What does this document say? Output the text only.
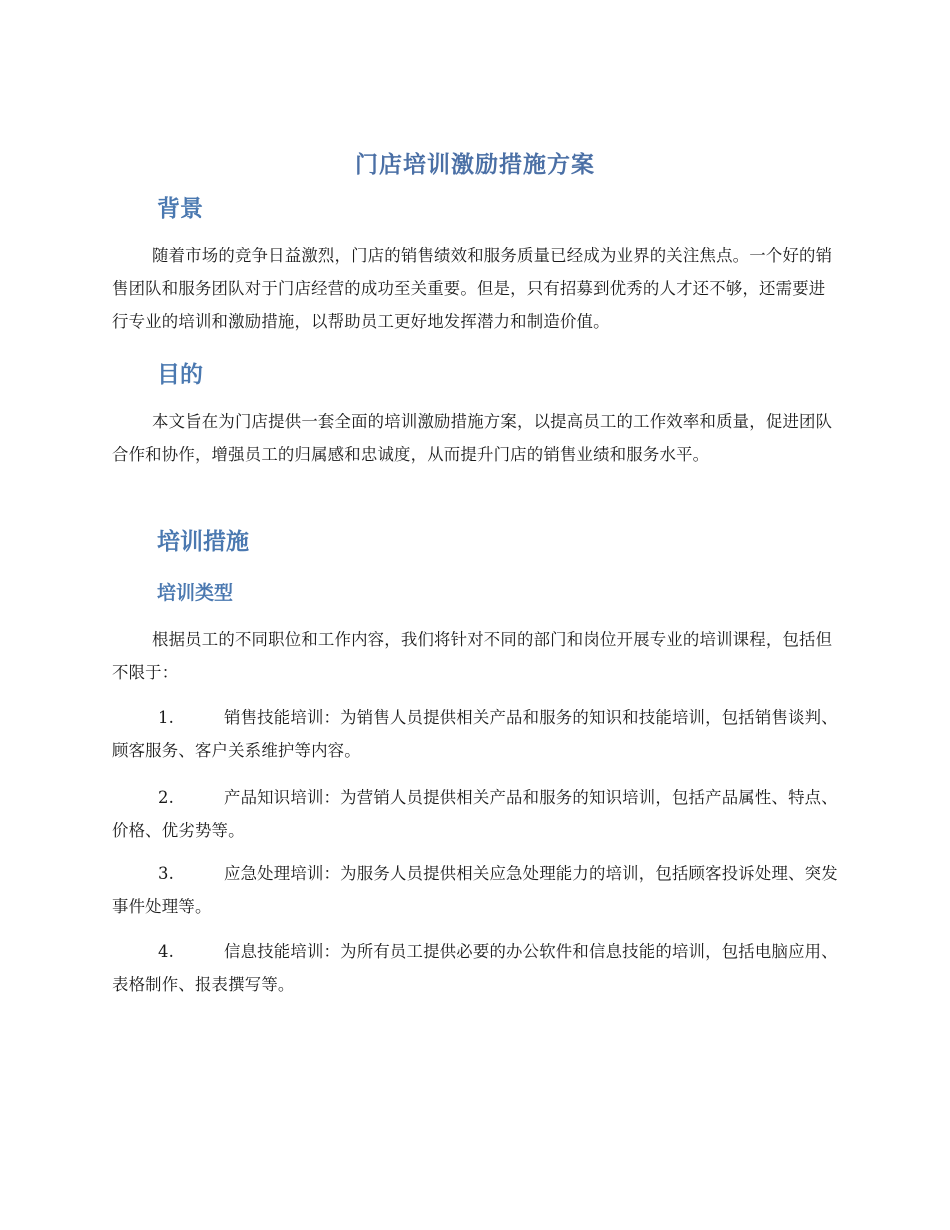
门店培训激励措施方案
背景

随着市场的竞争日益激烈，门店的销售绩效和服务质量已经成为业界的关注焦点。一个好的销售团队和服务团队对于门店经营的成功至关重要。但是，只有招募到优秀的人才还不够，还需要进行专业的培训和激励措施，以帮助员工更好地发挥潜力和制造价值。

目的

本文旨在为门店提供一套全面的培训激励措施方案，以提高员工的工作效率和质量，促进团队合作和协作，增强员工的归属感和忠诚度，从而提升门店的销售业绩和服务水平。

培训措施
培训类型

根据员工的不同职位和工作内容，我们将针对不同的部门和岗位开展专业的培训课程，包括但不限于：

1.	销售技能培训：为销售人员提供相关产品和服务的知识和技能培训，包括销售谈判、顾客服务、客户关系维护等内容。

2.	产品知识培训：为营销人员提供相关产品和服务的知识培训，包括产品属性、特点、价格、优劣势等。

3.	应急处理培训：为服务人员提供相关应急处理能力的培训，包括顾客投诉处理、突发事件处理等。

4.	信息技能培训：为所有员工提供必要的办公软件和信息技能的培训，包括电脑应用、表格制作、报表撰写等。
